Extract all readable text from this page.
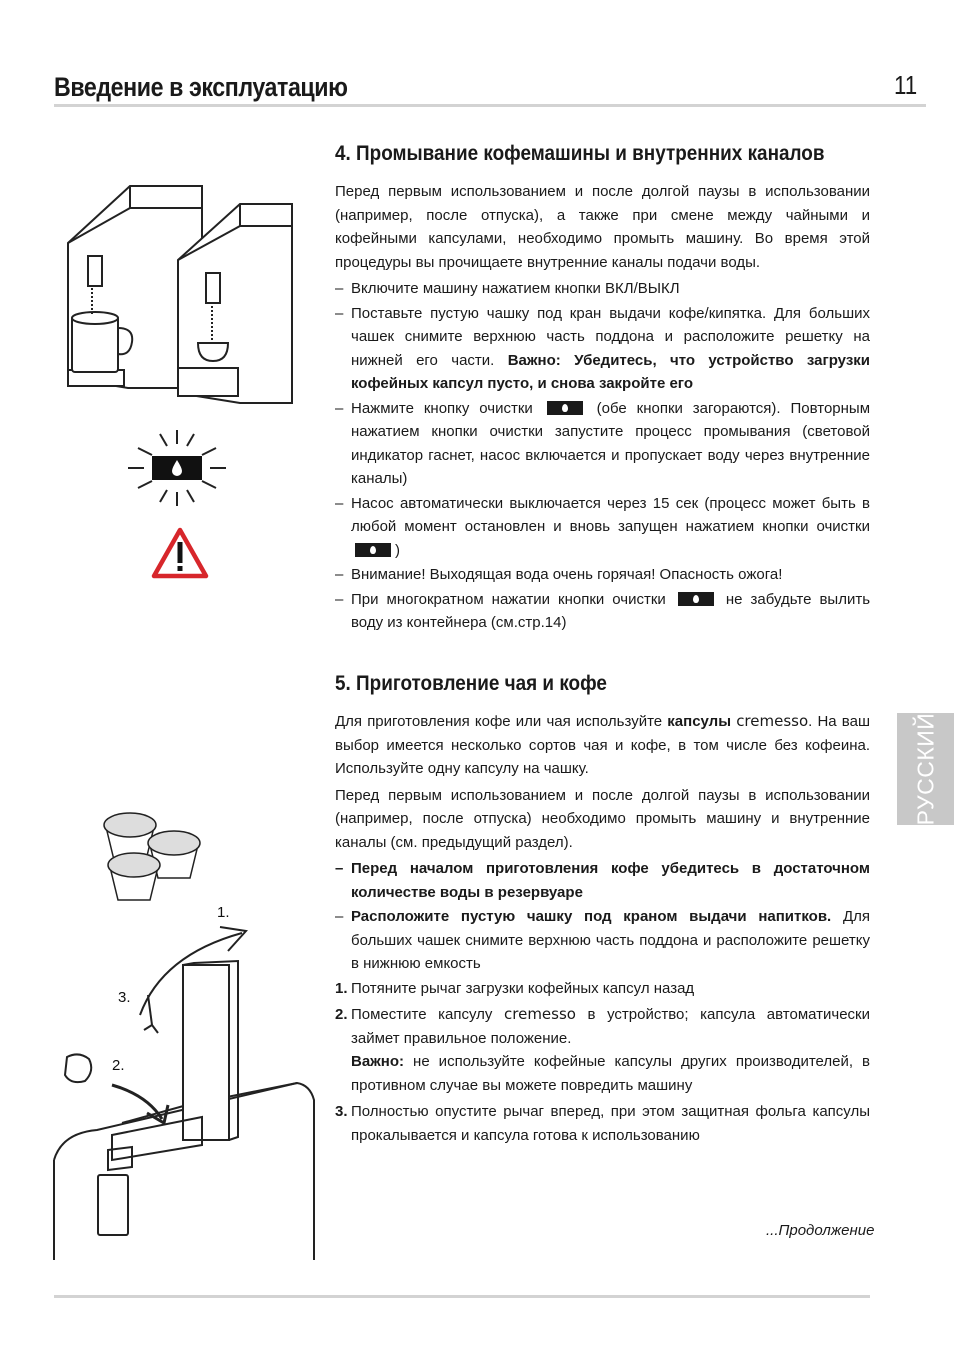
Введение в эксплуатацию	11
РУССКИЙ
1.
3.
2.
4. Промывание кофемашины и внутренних каналов

Перед первым использованием и после долгой паузы в использовании (например, после отпуска), а также при смене между чайными и кофейными капсулами, необходимо промыть машину. Во время этой процедуры вы прочищаете внутренние каналы подачи воды.

– Включите машину нажатием кнопки ВКЛ/ВЫКЛ
– Поставьте пустую чашку под кран выдачи кофе/кипятка. Для больших чашек снимите верхнюю часть поддона и расположите решетку на нижней его части. Важно: Убедитесь, что устройство загрузки кофейных капсул пусто, и снова закройте его
– Нажмите кнопку очистки	(обе кнопки загораются). Повторным нажатием кнопки очистки запустите процесс промывания (световой индикатор гаснет, насос включается и пропускает воду через внутренние каналы)
– Насос автоматически выключается через 15 сек (процесс может быть в любой момент остановлен и вновь запущен нажатием кнопки очистки)
– Внимание! Выходящая вода очень горячая! Опасность ожога!
– При многократном нажатии кнопки очистки	не забудьте вылить воду из контейнера (см.стр.14)
5. Приготовление чая и кофе

Для приготовления кофе или чая используйте капсулы cremesso. На ваш выбор имеется несколько сортов чая и кофе, в том числе без кофеина. Используйте одну капсулу на чашку.

Перед первым использованием и после долгой паузы в использовании (например, после отпуска) необходимо промыть машину и внутренние каналы (см. предыдущий раздел).

– Перед началом приготовления кофе убедитесь в достаточном количестве воды в резервуаре
– Расположите пустую чашку под краном выдачи напитков. Для больших чашек снимите верхнюю часть поддона и расположите решетку в нижнюю емкость
1. Потяните рычаг загрузки кофейных капсул назад
2. Поместите капсулу cremesso в устройство; капсула автоматически займет правильное положение.
Важно: не используйте кофейные капсулы других производителей, в противном случае вы можете повредить машину
3. Полностью опустите рычаг вперед, при этом защитная фольга капсулы прокалывается и капсула готова к использованию
...Продолжение
